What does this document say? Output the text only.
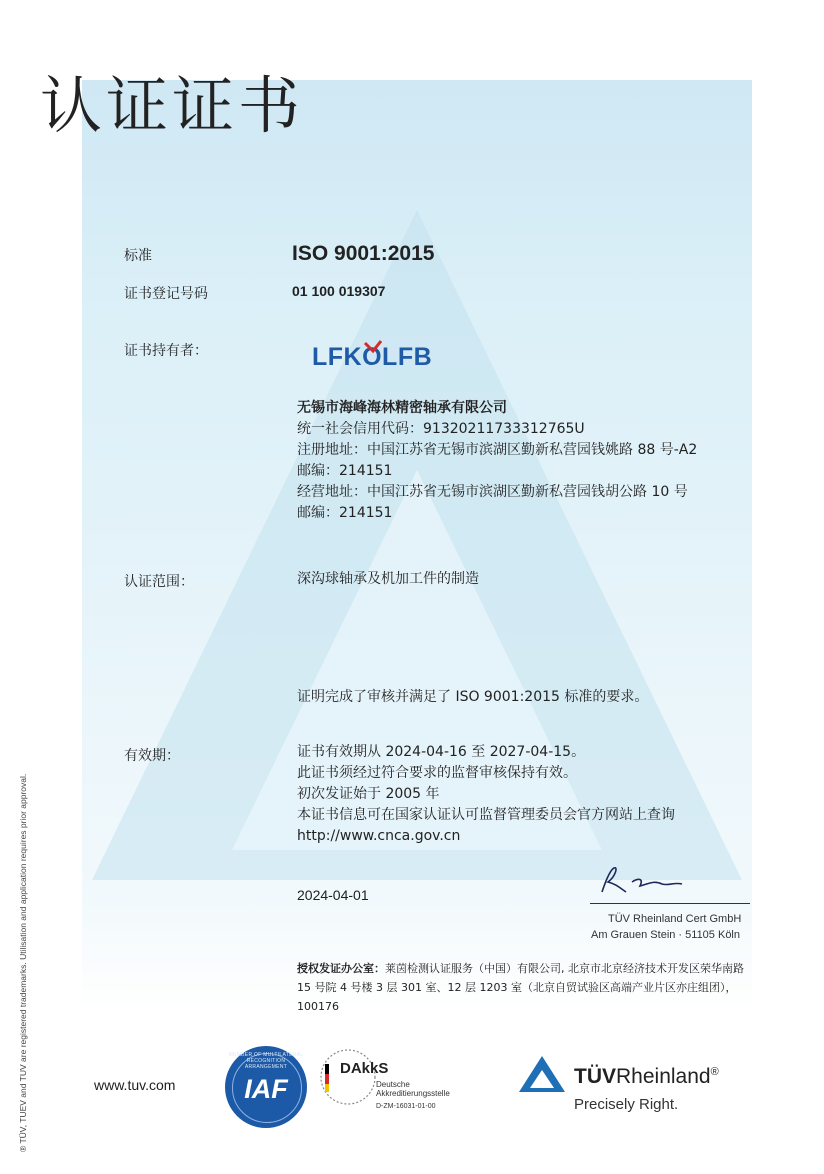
认证证书
标准	ISO 9001:2015
证书登记号码	01 100 019307
证书持有者：	LFKOLFB
无锡市海峰海林精密轴承有限公司
统一社会信用代码：91320211733312765U
注册地址：中国江苏省无锡市滨湖区勤新私营园钱姚路 88 号-A2
邮编：214151
经营地址：中国江苏省无锡市滨湖区勤新私营园钱胡公路 10 号
邮编：214151
认证范围：	深沟球轴承及机加工件的制造
证明完成了审核并满足了 ISO 9001:2015 标准的要求。
有效期：	证书有效期从 2024-04-16 至 2027-04-15。
此证书须经过符合要求的监督审核保持有效。
初次发证始于 2005 年
本证书信息可在国家认证认可监督管理委员会官方网站上查询
http://www.cnca.gov.cn
2024-04-01
TÜV Rheinland Cert GmbH
Am Grauen Stein · 51105 Köln
授权发证办公室：莱茵检测认证服务（中国）有限公司, 北京市北京经济技术开发区荣华南路 15 号院 4 号楼 3 层 301 室、12 层 1203 室（北京自贸试验区高端产业片区亦庄组团），
100176
www.tuv.com
MEMBER OF MULTILATERAL RECOGNITION ARRANGEMENT
IAF
DAkkS
Deutsche
Akkreditierungsstelle
D-ZM-16031-01-00
TÜVRheinland®
Precisely Right.
® TÜV, TUEV and TUV are registered trademarks. Utilisation and application requires prior approval.
